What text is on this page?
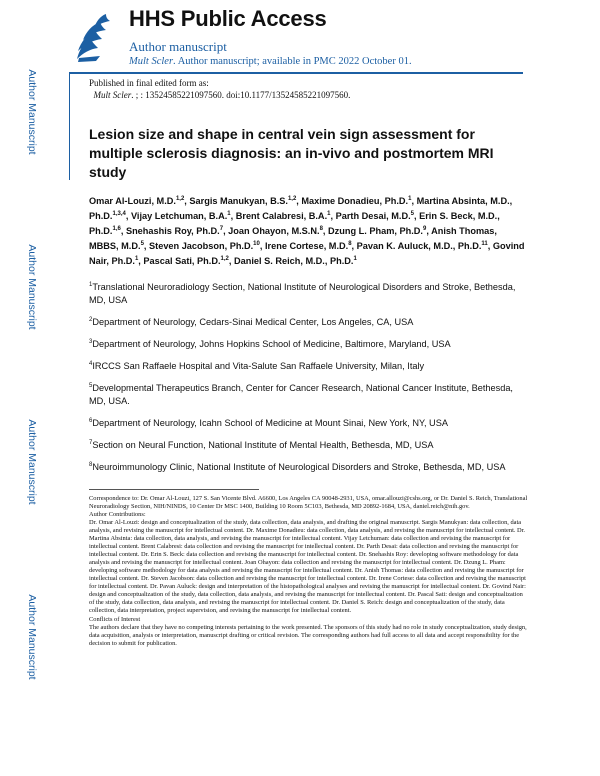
HHS Public Access
Author manuscript
Mult Scler. Author manuscript; available in PMC 2022 October 01.
Published in final edited form as:
Mult Scler. ; : 13524585221097560. doi:10.1177/13524585221097560.
Author Manuscript
Author Manuscript
Author Manuscript
Author Manuscript
Lesion size and shape in central vein sign assessment for multiple sclerosis diagnosis: an in-vivo and postmortem MRI study
Omar Al-Louzi, M.D.$^{1,2}$, Sargis Manukyan, B.S.$^{1,2}$, Maxime Donadieu, Ph.D.$^1$, Martina Absinta, M.D., Ph.D.$^{1,3,4}$, Vijay Letchuman, B.A.$^1$, Brent Calabresi, B.A.$^1$, Parth Desai, M.D.$^5$, Erin S. Beck, M.D., Ph.D.$^{1,6}$, Snehashis Roy, Ph.D.$^7$, Joan Ohayon, M.S.N.$^8$, Dzung L. Pham, Ph.D.$^9$, Anish Thomas, MBBS, M.D.$^5$, Steven Jacobson, Ph.D.$^{10}$, Irene Cortese, M.D.$^8$, Pavan K. Auluck, M.D., Ph.D.$^{11}$, Govind Nair, Ph.D.$^1$, Pascal Sati, Ph.D.$^{1,2}$, Daniel S. Reich, M.D., Ph.D.$^1$
$^1$Translational Neuroradiology Section, National Institute of Neurological Disorders and Stroke, Bethesda, MD, USA
$^2$Department of Neurology, Cedars-Sinai Medical Center, Los Angeles, CA, USA
$^3$Department of Neurology, Johns Hopkins School of Medicine, Baltimore, Maryland, USA
$^4$IRCCS San Raffaele Hospital and Vita-Salute San Raffaele University, Milan, Italy
$^5$Developmental Therapeutics Branch, Center for Cancer Research, National Cancer Institute, Bethesda, MD, USA.
$^6$Department of Neurology, Icahn School of Medicine at Mount Sinai, New York, NY, USA
$^7$Section on Neural Function, National Institute of Mental Health, Bethesda, MD, USA
$^8$Neuroimmunology Clinic, National Institute of Neurological Disorders and Stroke, Bethesda, MD, USA

Correspondence to: Dr. Omar Al-Louzi, 127 S. San Vicente Blvd. A6600, Los Angeles CA 90048-2931, USA, omar.allouzi@cshs.org, or Dr. Daniel S. Reich, Translational Neuroradiology Section, NIH/NINDS, 10 Center Dr MSC 1400, Building 10 Room 5C103, Bethesda, MD 20892-1684, USA, daniel.reich@nih.gov.

Author Contributions:

Dr. Omar Al-Louzi: design and conceptualization of the study, data collection, data analysis, and drafting the original manuscript. Sargis Manukyan: data collection, data analysis, and revising the manuscript for intellectual content. Dr. Maxime Donadieu: data collection, data analysis, and revising the manuscript for intellectual content. Dr. Martina Absinta: data collection, data analysis, and revising the manuscript for intellectual content. Vijay Letchuman: data collection and revising the manuscript for intellectual content. Brent Calabresi: data collection and revising the manuscript for intellectual content. Dr. Parth Desai: data collection and revising the manuscript for intellectual content. Dr. Erin S. Beck: data collection and revising the manuscript for intellectual content. Dr. Snehashis Roy: developing software methodology for data analysis and revising the manuscript for intellectual content. Joan Ohayon: data collection and revising the manuscript for intellectual content. Dr. Dzung L. Pham: developing software methodology for data analysis and revising the manuscript for intellectual content. Dr. Anish Thomas: data collection and revising the manuscript for intellectual content. Dr. Steven Jacobson: data collection and revising the manuscript for intellectual content. Dr. Irene Cortese: data collection and revising the manuscript for intellectual content. Dr. Pavan Auluck: design and interpretation of the histopathological analyses and revising the manuscript for intellectual content. Dr. Govind Nair: design and conceptualization of the study, data collection, data analysis, and revising the manuscript for intellectual content. Dr. Pascal Sati: design and conceptualization of the study, data collection, data analysis, and revising the manuscript for intellectual content. Dr. Daniel S. Reich: design and conceptualization of the study, data collection, data interpretation, project supervision, and revising the manuscript for intellectual content.

Conflicts of Interest

The authors declare that they have no competing interests pertaining to the work presented. The sponsors of this study had no role in study conceptualization, study design, data acquisition, analysis or interpretation, manuscript drafting or critical revision. The corresponding authors had full access to all data and accept responsibility for the decision to submit for publication.
